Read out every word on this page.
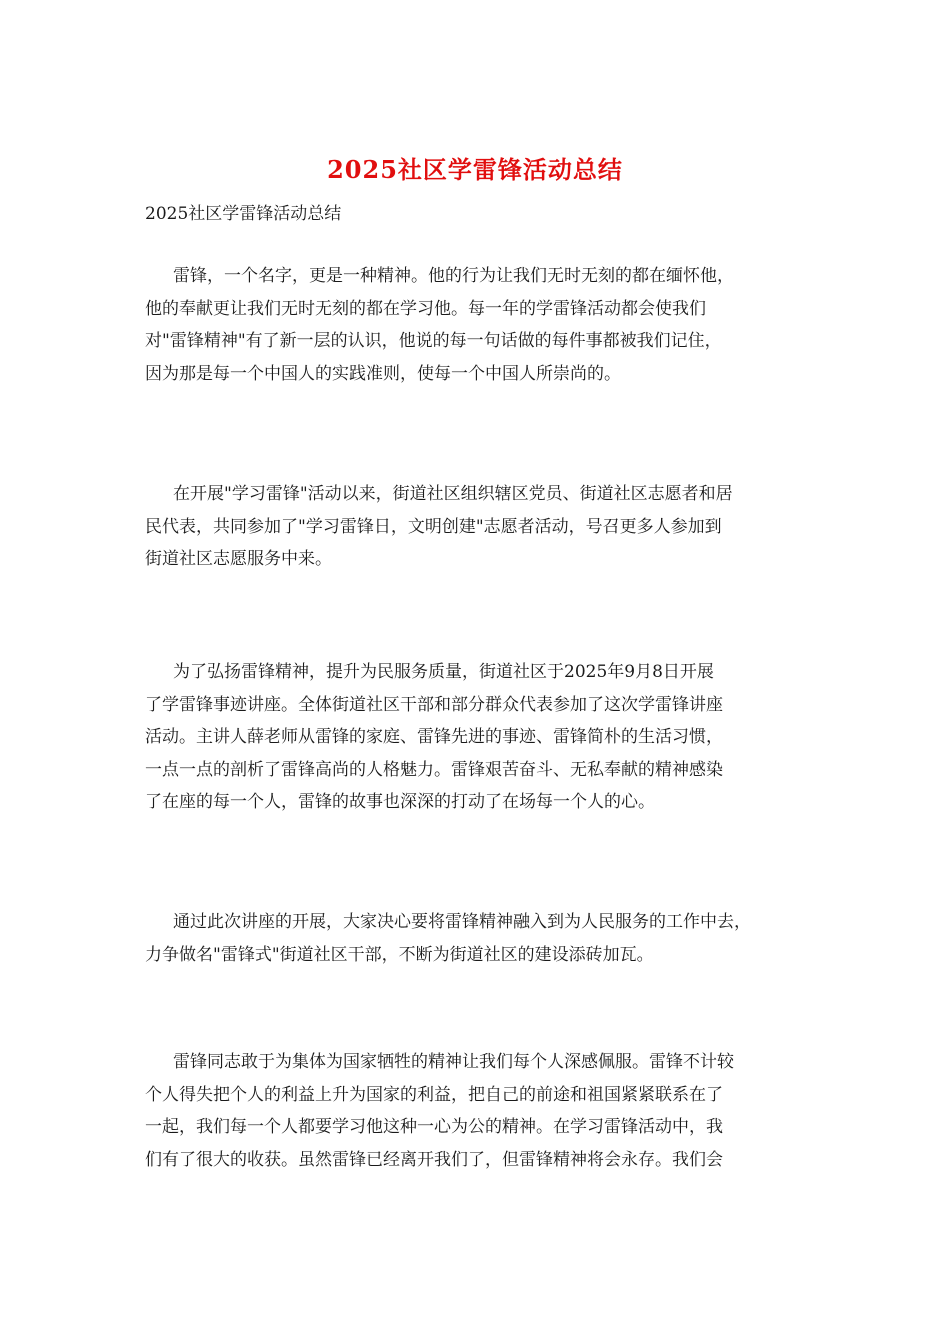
2025社区学雷锋活动总结

2025社区学雷锋活动总结

雷锋，一个名字，更是一种精神。他的行为让我们无时无刻的都在缅怀他，
他的奉献更让我们无时无刻的都在学习他。每一年的学雷锋活动都会使我们
对"雷锋精神"有了新一层的认识，他说的每一句话做的每件事都被我们记住，
因为那是每一个中国人的实践准则，使每一个中国人所崇尚的。
在开展"学习雷锋"活动以来，街道社区组织辖区党员、街道社区志愿者和居
民代表，共同参加了"学习雷锋日，文明创建"志愿者活动，号召更多人参加到
街道社区志愿服务中来。
为了弘扬雷锋精神，提升为民服务质量，街道社区于2025年9月8日开展
了学雷锋事迹讲座。全体街道社区干部和部分群众代表参加了这次学雷锋讲座
活动。主讲人薛老师从雷锋的家庭、雷锋先进的事迹、雷锋简朴的生活习惯，
一点一点的剖析了雷锋高尚的人格魅力。雷锋艰苦奋斗、无私奉献的精神感染
了在座的每一个人，雷锋的故事也深深的打动了在场每一个人的心。
通过此次讲座的开展，大家决心要将雷锋精神融入到为人民服务的工作中去，
力争做名"雷锋式"街道社区干部，不断为街道社区的建设添砖加瓦。
雷锋同志敢于为集体为国家牺牲的精神让我们每个人深感佩服。雷锋不计较
个人得失把个人的利益上升为国家的利益，把自己的前途和祖国紧紧联系在了
一起，我们每一个人都要学习他这种一心为公的精神。在学习雷锋活动中，我
们有了很大的收获。虽然雷锋已经离开我们了，但雷锋精神将会永存。我们会
